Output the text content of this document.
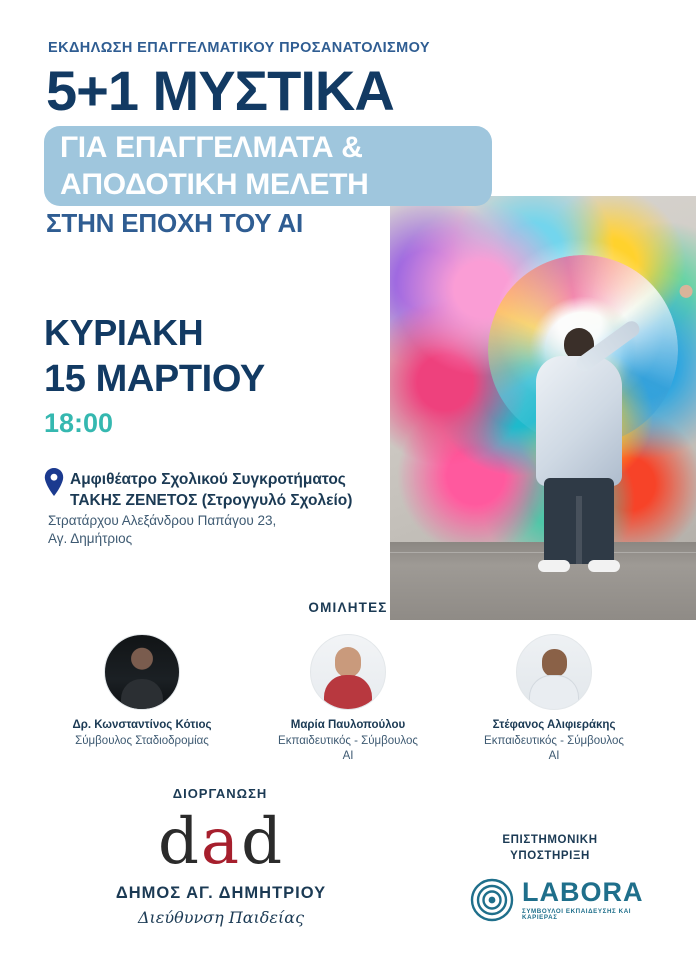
ΕΚΔΗΛΩΣΗ ΕΠΑΓΓΕΛΜΑΤΙΚΟΥ ΠΡΟΣΑΝΑΤΟΛΙΣΜΟΥ
5+1 ΜΥΣΤΙΚΑ
ΓΙΑ ΕΠΑΓΓΕΛΜΑΤΑ &
ΑΠΟΔΟΤΙΚΗ ΜΕΛΕΤΗ
ΣΤΗΝ ΕΠΟΧΗ ΤΟΥ ΑΙ
ΚΥΡΙΑΚΗ
15 ΜΑΡΤΙΟΥ
18:00
Αμφιθέατρο Σχολικού Συγκροτήματος
ΤΑΚΗΣ ΖΕΝΕΤΟΣ (Στρογγυλό Σχολείο)
Στρατάρχου Αλεξάνδρου Παπάγου 23,
Αγ. Δημήτριος
ΟΜΙΛΗΤΕΣ
Δρ. Κωνσταντίνος Κότιος
Σύμβουλος Σταδιοδρομίας
Μαρία Παυλοπούλου
Εκπαιδευτικός - Σύμβουλος ΑΙ
Στέφανος Αλιφιεράκης
Εκπαιδευτικός - Σύμβουλος ΑΙ
ΔΙΟΡΓΑΝΩΣΗ
d a d
ΔΗΜΟΣ ΑΓ. ΔΗΜΗΤΡΙΟΥ
Διεύθυνση Παιδείας
ΕΠΙΣΤΗΜΟΝΙΚΗ
ΥΠΟΣΤΗΡΙΞΗ
LABORA
ΣΥΜΒΟΥΛΟΙ ΕΚΠΑΙΔΕΥΣΗΣ ΚΑΙ ΚΑΡΙΕΡΑΣ
